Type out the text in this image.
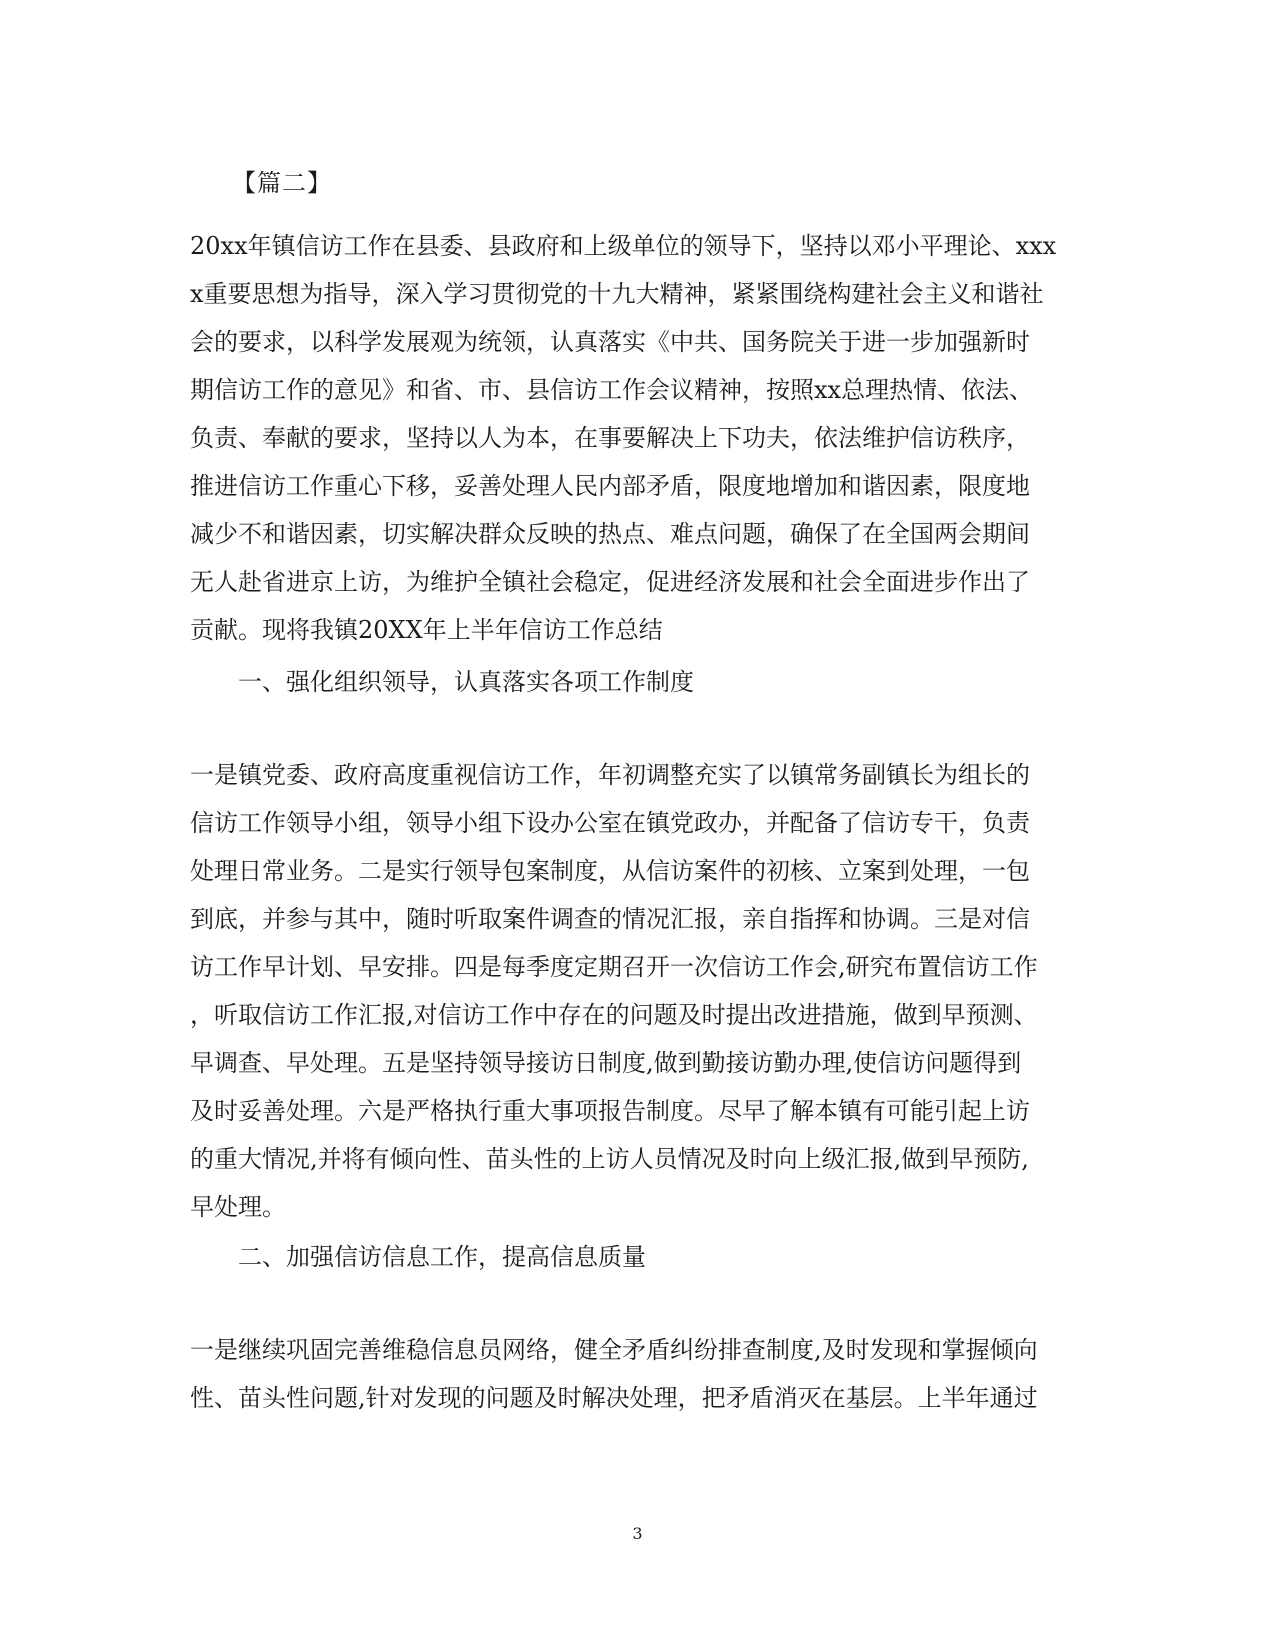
【篇二】
20xx年镇信访工作在县委、县政府和上级单位的领导下，坚持以邓小平理论、xxx
x重要思想为指导，深入学习贯彻党的十九大精神，紧紧围绕构建社会主义和谐社
会的要求，以科学发展观为统领，认真落实《中共、国务院关于进一步加强新时
期信访工作的意见》和省、市、县信访工作会议精神，按照xx总理热情、依法、
负责、奉献的要求，坚持以人为本，在事要解决上下功夫，依法维护信访秩序，
推进信访工作重心下移，妥善处理人民内部矛盾，限度地增加和谐因素，限度地
减少不和谐因素，切实解决群众反映的热点、难点问题，确保了在全国两会期间
无人赴省进京上访，为维护全镇社会稳定，促进经济发展和社会全面进步作出了
贡献。现将我镇20XX年上半年信访工作总结
一、强化组织领导，认真落实各项工作制度
一是镇党委、政府高度重视信访工作，年初调整充实了以镇常务副镇长为组长的
信访工作领导小组，领导小组下设办公室在镇党政办，并配备了信访专干，负责
处理日常业务。二是实行领导包案制度，从信访案件的初核、立案到处理，一包
到底，并参与其中，随时听取案件调查的情况汇报，亲自指挥和协调。三是对信
访工作早计划、早安排。四是每季度定期召开一次信访工作会,研究布置信访工作
，听取信访工作汇报,对信访工作中存在的问题及时提出改进措施，做到早预测、
早调查、早处理。五是坚持领导接访日制度,做到勤接访勤办理,使信访问题得到
及时妥善处理。六是严格执行重大事项报告制度。尽早了解本镇有可能引起上访
的重大情况,并将有倾向性、苗头性的上访人员情况及时向上级汇报,做到早预防,
早处理。
二、加强信访信息工作，提高信息质量
一是继续巩固完善维稳信息员网络，健全矛盾纠纷排查制度,及时发现和掌握倾向
性、苗头性问题,针对发现的问题及时解决处理，把矛盾消灭在基层。上半年通过
3
